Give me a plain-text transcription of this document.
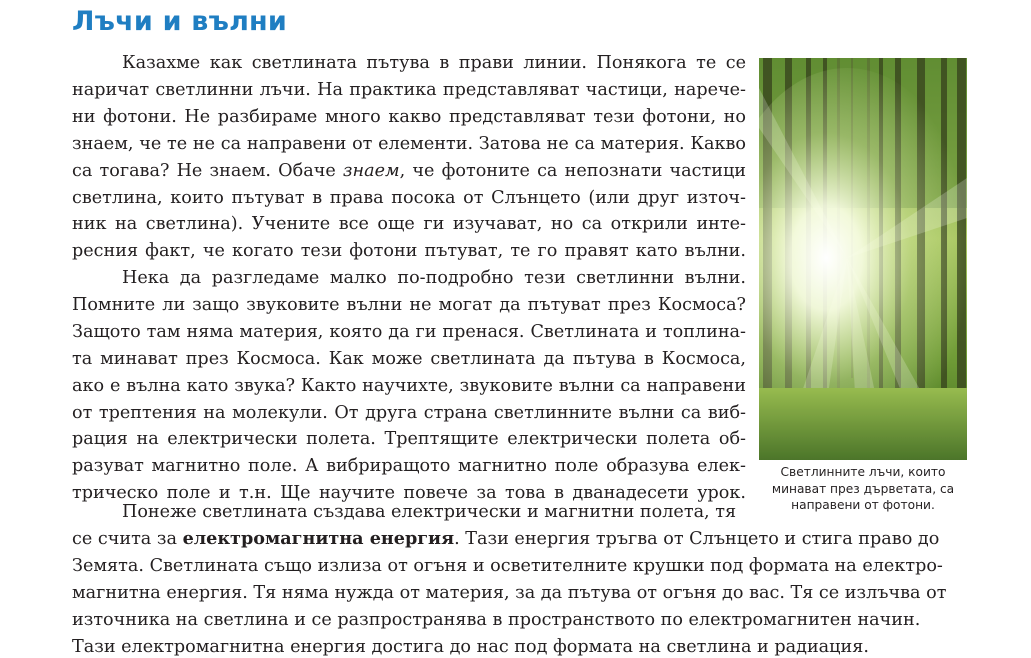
Лъчи и вълни
Казахме как светлината пътува в прави линии. Понякога те се
наричат светлинни лъчи. На практика представляват частици, нарече-
ни фотони. Не разбираме много какво представляват тези фотони, но
знаем, че те не са направени от елементи. Затова не са материя. Какво
са тогава? Не знаем. Обаче знаем, че фотоните са непознати частици
светлина, които пътуват в права посока от Слънцето (или друг източ-
ник на светлина). Учените все още ги изучават, но са открили инте-
ресния факт, че когато тези фотони пътуват, те го правят като вълни.
Нека да разгледаме малко по-подробно тези светлинни вълни.
Помните ли защо звуковите вълни не могат да пътуват през Космоса?
Защото там няма материя, която да ги пренася. Светлината и топлина-
та минават през Космоса. Как може светлината да пътува в Космоса,
ако е вълна като звука? Както научихте, звуковите вълни са направени
от трептения на молекули. От друга страна светлинните вълни са виб-
рация на електрически полета. Трептящите електрически полета об-
разуват магнитно поле. А вибриращото магнитно поле образува елек-
трическо поле и т.н. Ще научите повече за това в дванадесети урок.
Понеже светлината създава електрически и магнитни полета, тя
се счита за електромагнитна енергия. Тази енергия тръгва от Слънцето и стига право до
Земята. Светлината също излиза от огъня и осветителните крушки под формата на електро-
магнитна енергия. Тя няма нужда от материя, за да пътува от огъня до вас. Тя се излъчва от
източника на светлина и се разпространява в пространството по електромагнитен начин.
Тази електромагнитна енергия достига до нас под формата на светлина и радиация.
Светлинните лъчи, които
минават през дърветата, са
направени от фотони.
